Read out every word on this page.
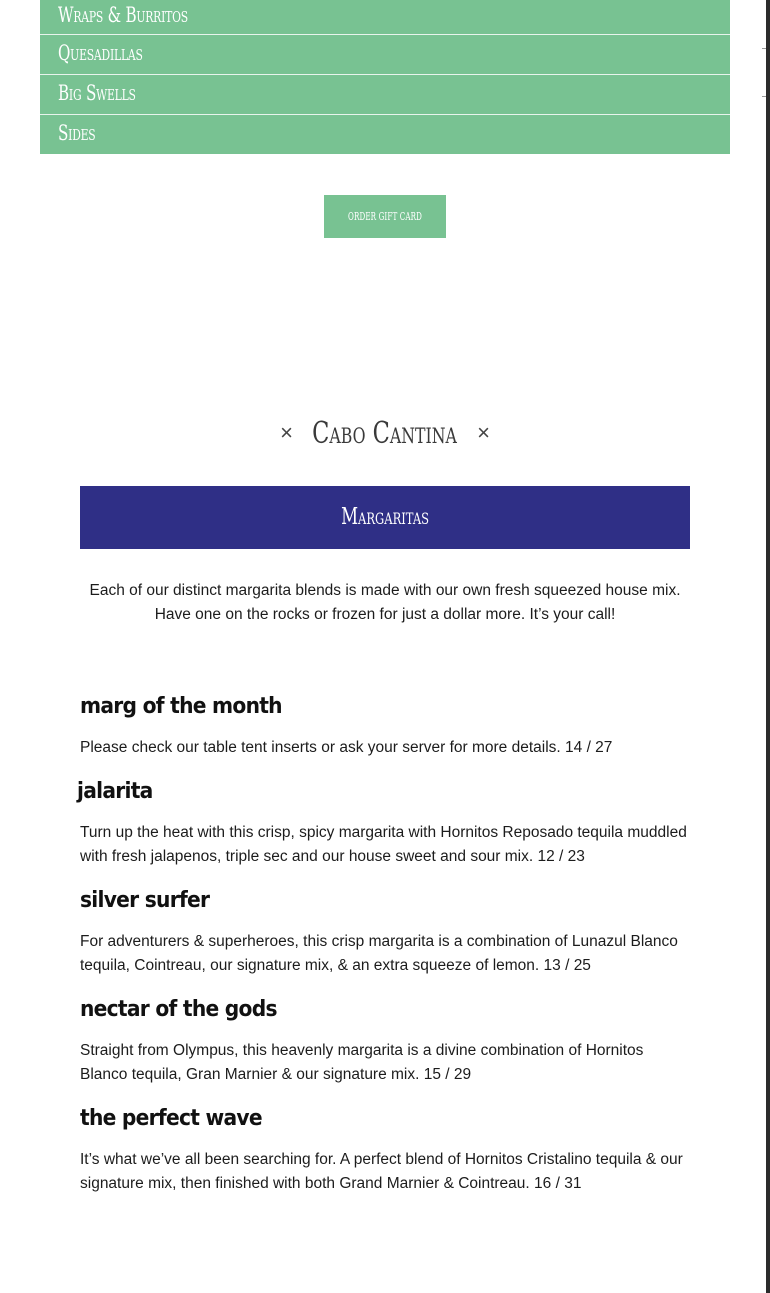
Wraps & Burritos
Quesadillas
Big Swells
Sides
ORDER GIFT CARD
× Cabo Cantina ×
Margaritas

Each of our distinct margarita blends is made with our own fresh squeezed house mix. Have one on the rocks or frozen for just a dollar more. It’s your call!

marg of the month

Please check our table tent inserts or ask your server for more details. 14 / 27

jalarita

Turn up the heat with this crisp, spicy margarita with Hornitos Reposado tequila muddled with fresh jalapenos, triple sec and our house sweet and sour mix. 12 / 23

silver surfer

For adventurers & superheroes, this crisp margarita is a combination of Lunazul Blanco tequila, Cointreau, our signature mix, & an extra squeeze of lemon. 13 / 25

nectar of the gods

Straight from Olympus, this heavenly margarita is a divine combination of Hornitos Blanco tequila, Gran Marnier & our signature mix. 15 / 29

the perfect wave

It’s what we’ve all been searching for. A perfect blend of Hornitos Cristalino tequila & our signature mix, then finished with both Grand Marnier & Cointreau. 16 / 31
